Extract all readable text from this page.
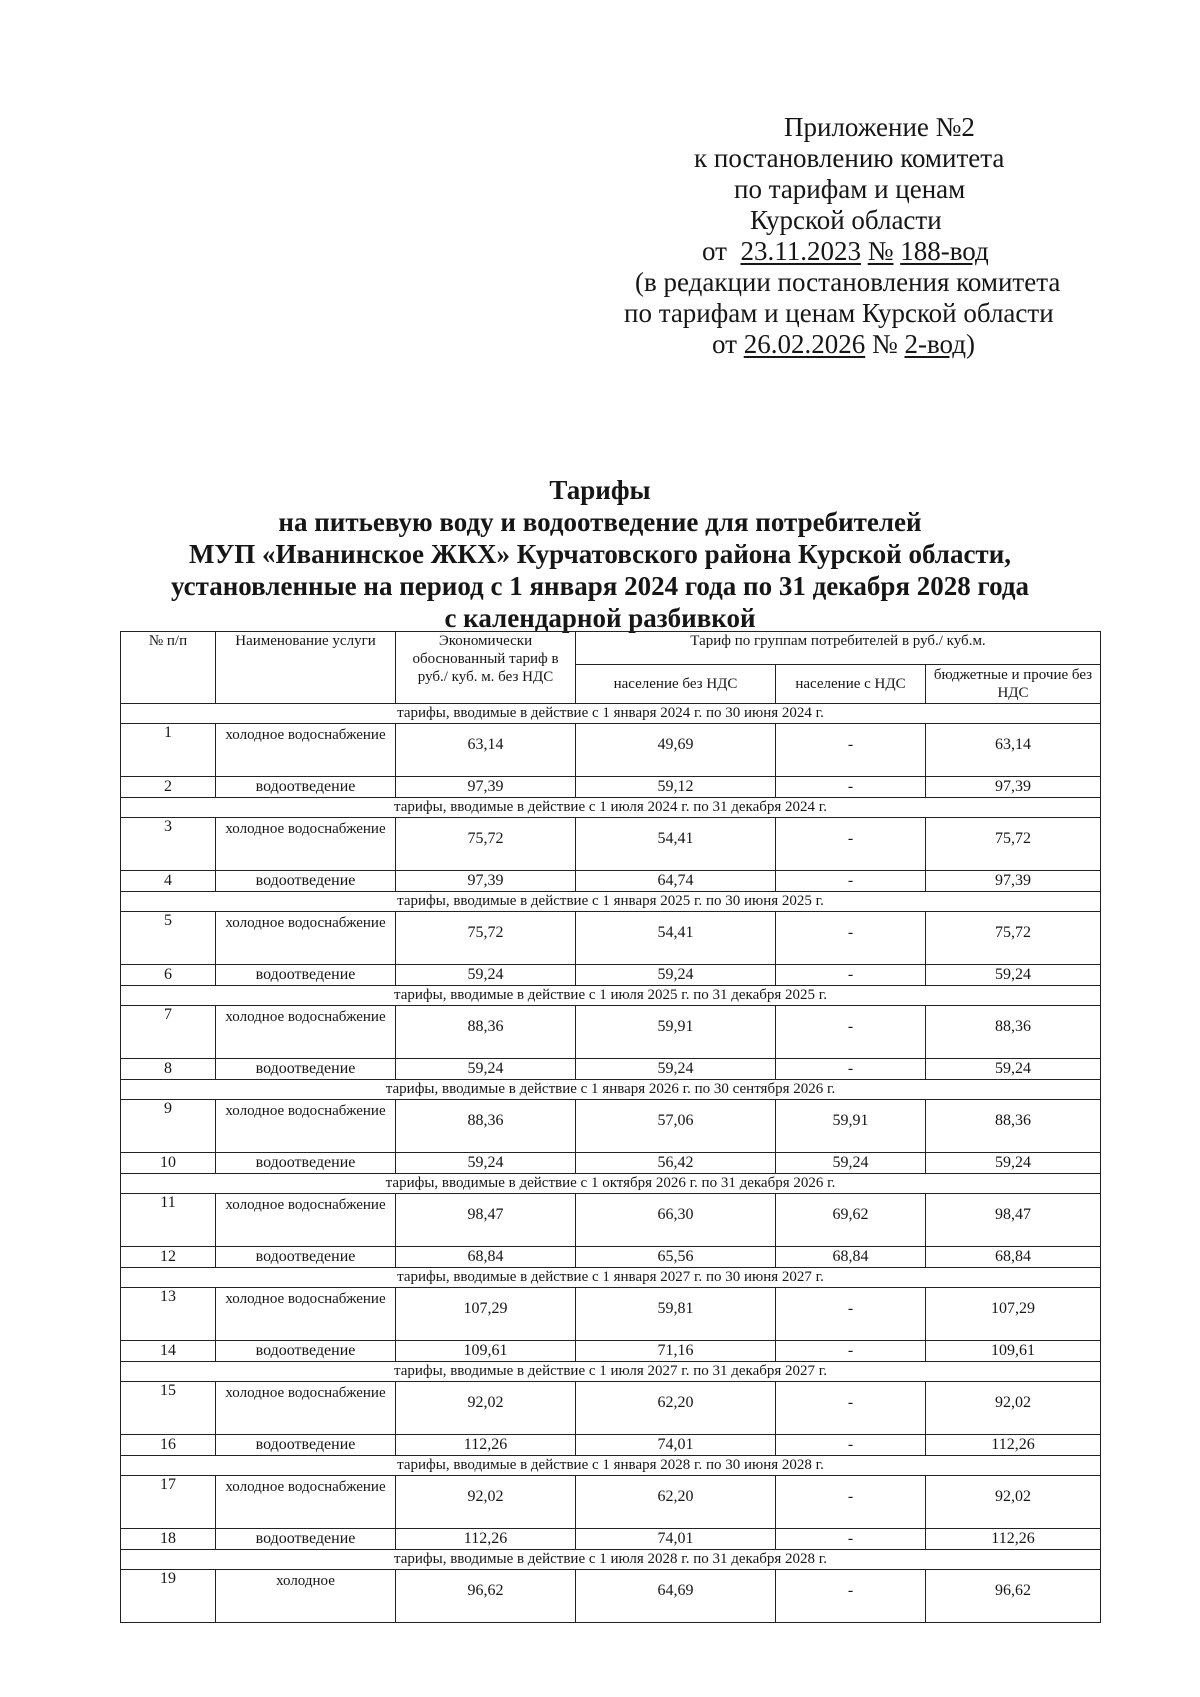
Приложение №2
к постановлению комитета
по тарифам и ценам
Курской области
от 23.11.2023 № 188-вод
(в редакции постановления комитета
по тарифам и ценам Курской области
от 26.02.2026 № 2-вод)
Тарифы
на питьевую воду и водоотведение для потребителей
МУП «Иванинское ЖКХ» Курчатовского района Курской области,
установленные на период с 1 января 2024 года по 31 декабря 2028 года
с календарной разбивкой
№ п/п	Наименование услуги	Экономически обоснованный тариф в руб./ куб. м. без НДС	Тариф по группам потребителей в руб./ куб.м.		
			население без НДС	население с НДС	бюджетные и прочие без НДС
тарифы, вводимые в действие с 1 января 2024 г. по 30 июня 2024 г.					
1	холодное водоснабжение	63,14	49,69	-	63,14
2	водоотведение	97,39	59,12	-	97,39
тарифы, вводимые в действие с 1 июля 2024 г. по 31 декабря 2024 г.					
3	холодное водоснабжение	75,72	54,41	-	75,72
4	водоотведение	97,39	64,74	-	97,39
тарифы, вводимые в действие с 1 января 2025 г. по 30 июня 2025 г.					
5	холодное водоснабжение	75,72	54,41	-	75,72
6	водоотведение	59,24	59,24	-	59,24
тарифы, вводимые в действие с 1 июля 2025 г. по 31 декабря 2025 г.					
7	холодное водоснабжение	88,36	59,91	-	88,36
8	водоотведение	59,24	59,24	-	59,24
тарифы, вводимые в действие с 1 января 2026 г. по 30 сентября 2026 г.					
9	холодное водоснабжение	88,36	57,06	59,91	88,36
10	водоотведение	59,24	56,42	59,24	59,24
тарифы, вводимые в действие с 1 октября 2026 г. по 31 декабря 2026 г.					
11	холодное водоснабжение	98,47	66,30	69,62	98,47
12	водоотведение	68,84	65,56	68,84	68,84
тарифы, вводимые в действие с 1 января 2027 г. по 30 июня 2027 г.					
13	холодное водоснабжение	107,29	59,81	-	107,29
14	водоотведение	109,61	71,16	-	109,61
тарифы, вводимые в действие с 1 июля 2027 г. по 31 декабря 2027 г.					
15	холодное водоснабжение	92,02	62,20	-	92,02
16	водоотведение	112,26	74,01	-	112,26
тарифы, вводимые в действие с 1 января 2028 г. по 30 июня 2028 г.					
17	холодное водоснабжение	92,02	62,20	-	92,02
18	водоотведение	112,26	74,01	-	112,26
тарифы, вводимые в действие с 1 июля 2028 г. по 31 декабря 2028 г.					
19	холодное	96,62	64,69	-	96,62
